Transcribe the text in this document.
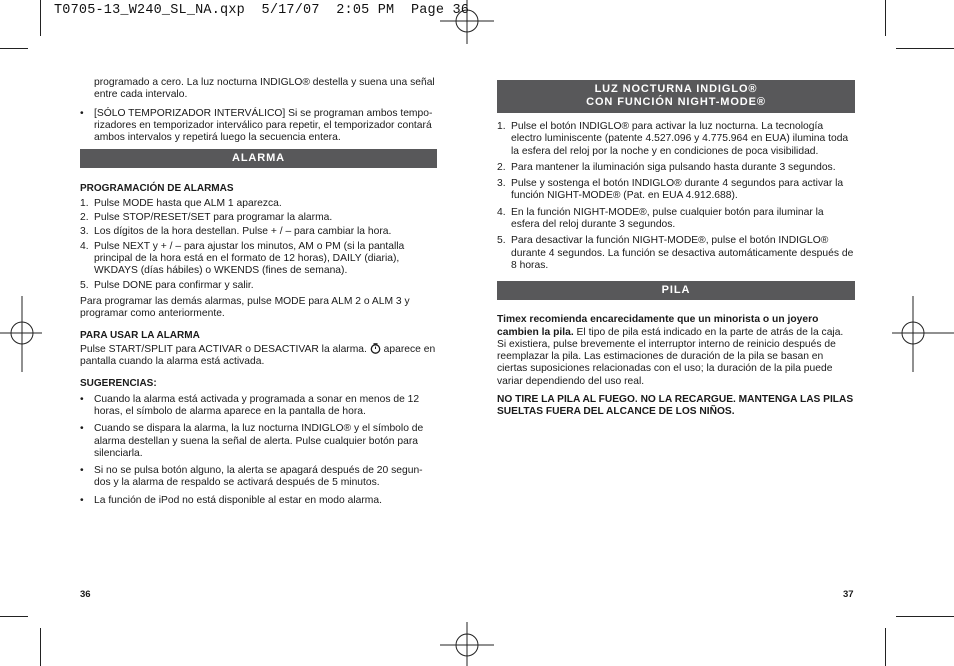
T0705-13_W240_SL_NA.qxp  5/17/07  2:05 PM  Page 36

programado a cero. La luz nocturna INDIGLO® destella y suena una señal entre cada intervalo.

• [SÓLO TEMPORIZADOR INTERVÁLICO] Si se programan ambos tempo-rizadores en temporizador interválico para repetir, el temporizador contará ambos intervalos y repetirá luego la secuencia entera.
ALARMA

PROGRAMACIÓN DE ALARMAS

1. Pulse MODE hasta que ALM 1 aparezca.
2. Pulse STOP/RESET/SET para programar la alarma.
3. Los dígitos de la hora destellan. Pulse + / – para cambiar la hora.
4. Pulse NEXT y + / – para ajustar los minutos, AM o PM (si la pantalla principal de la hora está en el formato de 12 horas), DAILY (diaria), WKDAYS (días hábiles) o WKENDS (fines de semana).
5. Pulse DONE para confirmar y salir.

Para programar las demás alarmas, pulse MODE para ALM 2 o ALM 3 y programar como anteriormente.

PARA USAR LA ALARMA

Pulse START/SPLIT para ACTIVAR o DESACTIVAR la alarma. aparece en pantalla cuando la alarma está activada.

SUGERENCIAS:

• Cuando la alarma está activada y programada a sonar en menos de 12 horas, el símbolo de alarma aparece en la pantalla de hora.
• Cuando se dispara la alarma, la luz nocturna INDIGLO® y el símbolo de alarma destellan y suena la señal de alerta. Pulse cualquier botón para silenciarla.
• Si no se pulsa botón alguno, la alerta se apagará después de 20 segun-dos y la alarma de respaldo se activará después de 5 minutos.
• La función de iPod no está disponible al estar en modo alarma.
36
LUZ NOCTURNA INDIGLO®
CON FUNCIÓN NIGHT-MODE®
1. Pulse el botón INDIGLO® para activar la luz nocturna. La tecnología electro luminiscente (patente 4.527.096 y 4.775.964 en EUA) ilumina toda la esfera del reloj por la noche y en condiciones de poca visibilidad.
2. Para mantener la iluminación siga pulsando hasta durante 3 segundos.
3. Pulse y sostenga el botón INDIGLO® durante 4 segundos para activar la función NIGHT-MODE® (Pat. en EUA 4.912.688).
4. En la función NIGHT-MODE®, pulse cualquier botón para iluminar la esfera del reloj durante 3 segundos.
5. Para desactivar la función NIGHT-MODE®, pulse el botón INDIGLO® durante 4 segundos. La función se desactiva automáticamente después de 8 horas.
PILA

Timex recomienda encarecidamente que un minorista o un joyero cambien la pila. El tipo de pila está indicado en la parte de atrás de la caja. Si existiera, pulse brevemente el interruptor interno de reinicio después de reemplazar la pila. Las estimaciones de duración de la pila se basan en ciertas suposiciones relacionadas con el uso; la duración de la pila puede variar dependiendo del uso real.

NO TIRE LA PILA AL FUEGO. NO LA RECARGUE. MANTENGA LAS PILAS SUELTAS FUERA DEL ALCANCE DE LOS NIÑOS.

37
